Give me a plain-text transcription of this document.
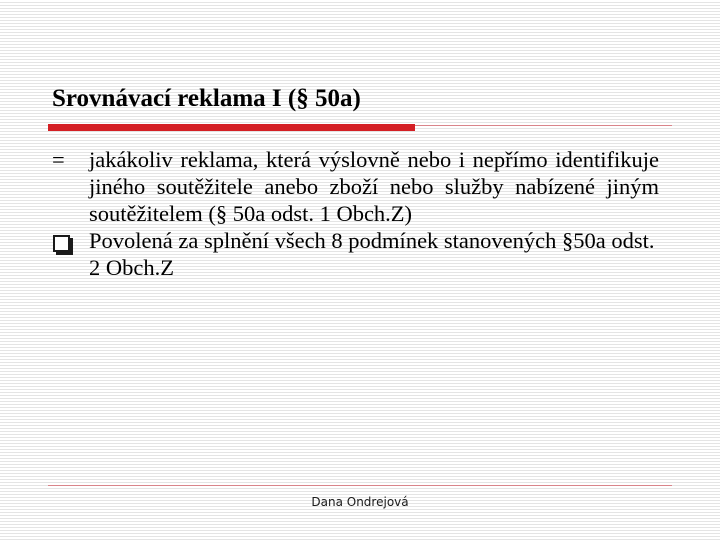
Srovnávací reklama I (§ 50a)
= jakákoliv reklama, která výslovně nebo i nepřímo identifikuje jiného soutěžitele anebo zboží nebo služby nabízené jiným soutěžitelem (§ 50a odst. 1 Obch.Z)
Povolená za splnění všech 8 podmínek stanovených §50a odst. 2 Obch.Z
Dana Ondrejová
